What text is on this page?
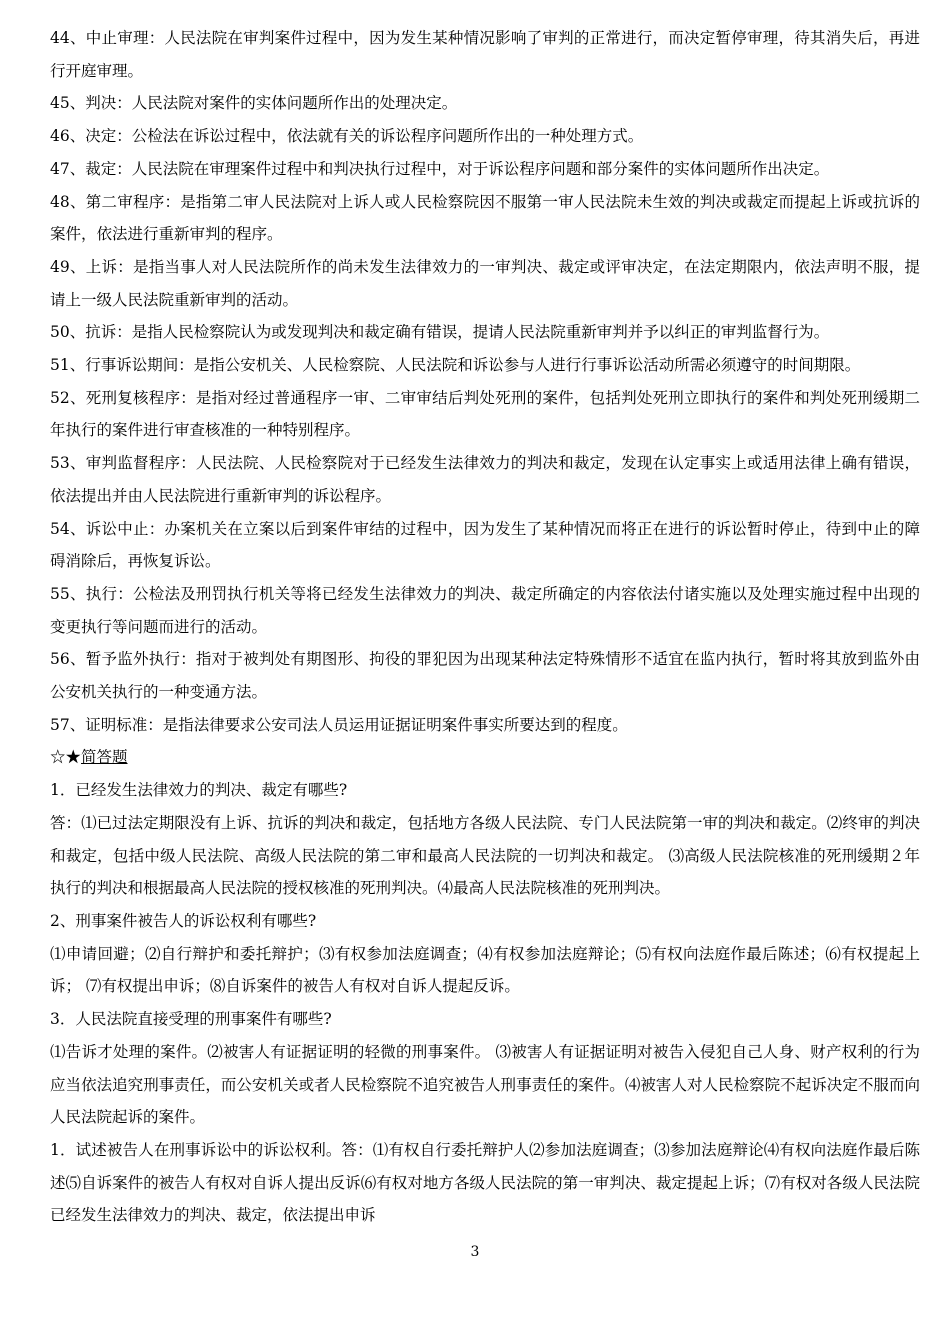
44、中止审理：人民法院在审判案件过程中，因为发生某种情况影响了审判的正常进行，而决定暂停审理，待其消失后，再进行开庭审理。

45、判决：人民法院对案件的实体问题所作出的处理决定。

46、决定：公检法在诉讼过程中，依法就有关的诉讼程序问题所作出的一种处理方式。

47、裁定：人民法院在审理案件过程中和判决执行过程中，对于诉讼程序问题和部分案件的实体问题所作出决定。

48、第二审程序：是指第二审人民法院对上诉人或人民检察院因不服第一审人民法院未生效的判决或裁定而提起上诉或抗诉的案件，依法进行重新审判的程序。

49、上诉：是指当事人对人民法院所作的尚未发生法律效力的一审判决、裁定或评审决定，在法定期限内，依法声明不服，提请上一级人民法院重新审判的活动。

50、抗诉：是指人民检察院认为或发现判决和裁定确有错误，提请人民法院重新审判并予以纠正的审判监督行为。

51、行事诉讼期间：是指公安机关、人民检察院、人民法院和诉讼参与人进行行事诉讼活动所需必须遵守的时间期限。

52、死刑复核程序：是指对经过普通程序一审、二审审结后判处死刑的案件，包括判处死刑立即执行的案件和判处死刑缓期二年执行的案件进行审查核准的一种特别程序。

53、审判监督程序：人民法院、人民检察院对于已经发生法律效力的判决和裁定，发现在认定事实上或适用法律上确有错误，依法提出并由人民法院进行重新审判的诉讼程序。

54、诉讼中止：办案机关在立案以后到案件审结的过程中，因为发生了某种情况而将正在进行的诉讼暂时停止，待到中止的障碍消除后，再恢复诉讼。

55、执行：公检法及刑罚执行机关等将已经发生法律效力的判决、裁定所确定的内容依法付诸实施以及处理实施过程中出现的变更执行等问题而进行的活动。

56、暂予监外执行：指对于被判处有期图形、拘役的罪犯因为出现某种法定特殊情形不适宜在监内执行，暂时将其放到监外由公安机关执行的一种变通方法。

57、证明标准：是指法律要求公安司法人员运用证据证明案件事实所要达到的程度。

☆★简答题

1．已经发生法律效力的判决、裁定有哪些?

答：⑴已过法定期限没有上诉、抗诉的判决和裁定，包括地方各级人民法院、专门人民法院第一审的判决和裁定。⑵终审的判决和裁定，包括中级人民法院、高级人民法院的第二审和最高人民法院的一切判决和裁定。 ⑶高级人民法院核准的死刑缓期２年执行的判决和根据最高人民法院的授权核准的死刑判决。⑷最高人民法院核准的死刑判决。

2、刑事案件被告人的诉讼权利有哪些?

⑴申请回避；⑵自行辩护和委托辩护；⑶有权参加法庭调查；⑷有权参加法庭辩论；⑸有权向法庭作最后陈述；⑹有权提起上诉； ⑺有权提出申诉；⑻自诉案件的被告人有权对自诉人提起反诉。

3．人民法院直接受理的刑事案件有哪些?

⑴告诉才处理的案件。⑵被害人有证据证明的轻微的刑事案件。 ⑶被害人有证据证明对被告入侵犯自己人身、财产权利的行为应当依法追究刑事责任，而公安机关或者人民检察院不追究被告人刑事责任的案件。⑷被害人对人民检察院不起诉决定不服而向人民法院起诉的案件。

1．试述被告人在刑事诉讼中的诉讼权利。答：⑴有权自行委托辩护人⑵参加法庭调查；⑶参加法庭辩论⑷有权向法庭作最后陈述⑸自诉案件的被告人有权对自诉人提出反诉⑹有权对地方各级人民法院的第一审判决、裁定提起上诉；⑺有权对各级人民法院已经发生法律效力的判决、裁定，依法提出申诉

3
